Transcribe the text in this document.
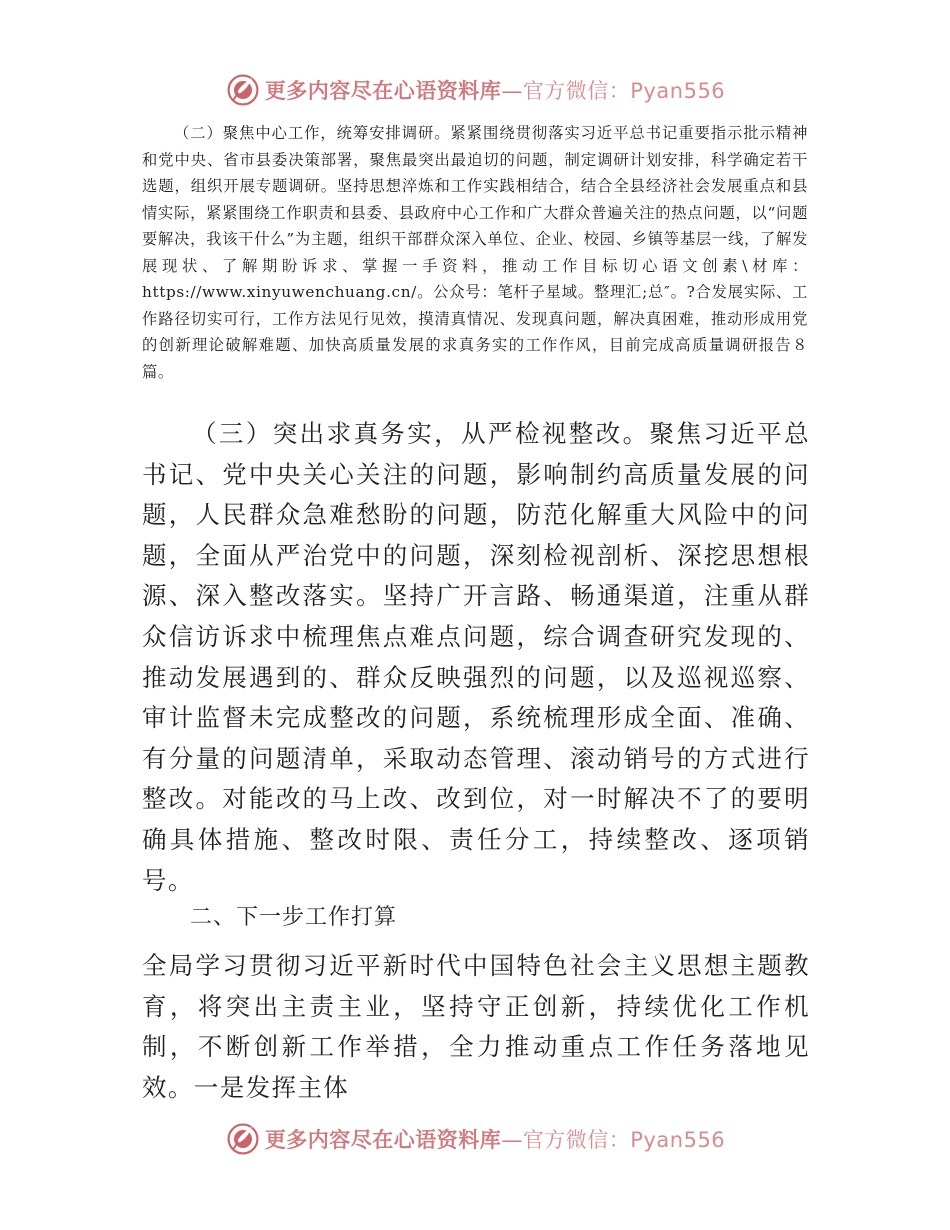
更多内容尽在心语资料库—官方微信：Pyan556

（二）聚焦中心工作，统筹安排调研。紧紧围绕贯彻落实习近平总书记重要指示批示精神和党中央、省市县委决策部署，聚焦最突出最迫切的问题，制定调研计划安排，科学确定若干选题，组织开展专题调研。坚持思想淬炼和工作实践相结合，结合全县经济社会发展重点和县情实际，紧紧围绕工作职责和县委、县政府中心工作和广大群众普遍关注的热点问题，以“问题要解决，我该干什么”为主题，组织干部群众深入单位、企业、校园、乡镇等基层一线，了解发展现状、了解期盼诉求、掌握一手资料，推动工作目标切心语文创素\材库：https://www.xinyuwenchuang.cn/。公众号：笔杆子星域。整理汇;总″。?合发展实际、工作路径切实可行，工作方法见行见效，摸清真情况、发现真问题，解决真困难，推动形成用党的创新理论破解难题、加快高质量发展的求真务实的工作作风，目前完成高质量调研报告８篇。

（三）突出求真务实，从严检视整改。聚焦习近平总书记、党中央关心关注的问题，影响制约高质量发展的问题，人民群众急难愁盼的问题，防范化解重大风险中的问题，全面从严治党中的问题，深刻检视剖析、深挖思想根源、深入整改落实。坚持广开言路、畅通渠道，注重从群众信访诉求中梳理焦点难点问题，综合调查研究发现的、推动发展遇到的、群众反映强烈的问题，以及巡视巡察、审计监督未完成整改的问题，系统梳理形成全面、准确、有分量的问题清单，采取动态管理、滚动销号的方式进行整改。对能改的马上改、改到位，对一时解决不了的要明确具体措施、整改时限、责任分工，持续整改、逐项销号。

二、下一步工作打算

全局学习贯彻习近平新时代中国特色社会主义思想主题教育，将突出主责主业，坚持守正创新，持续优化工作机制，不断创新工作举措，全力推动重点工作任务落地见效。一是发挥主体

更多内容尽在心语资料库—官方微信：Pyan556
